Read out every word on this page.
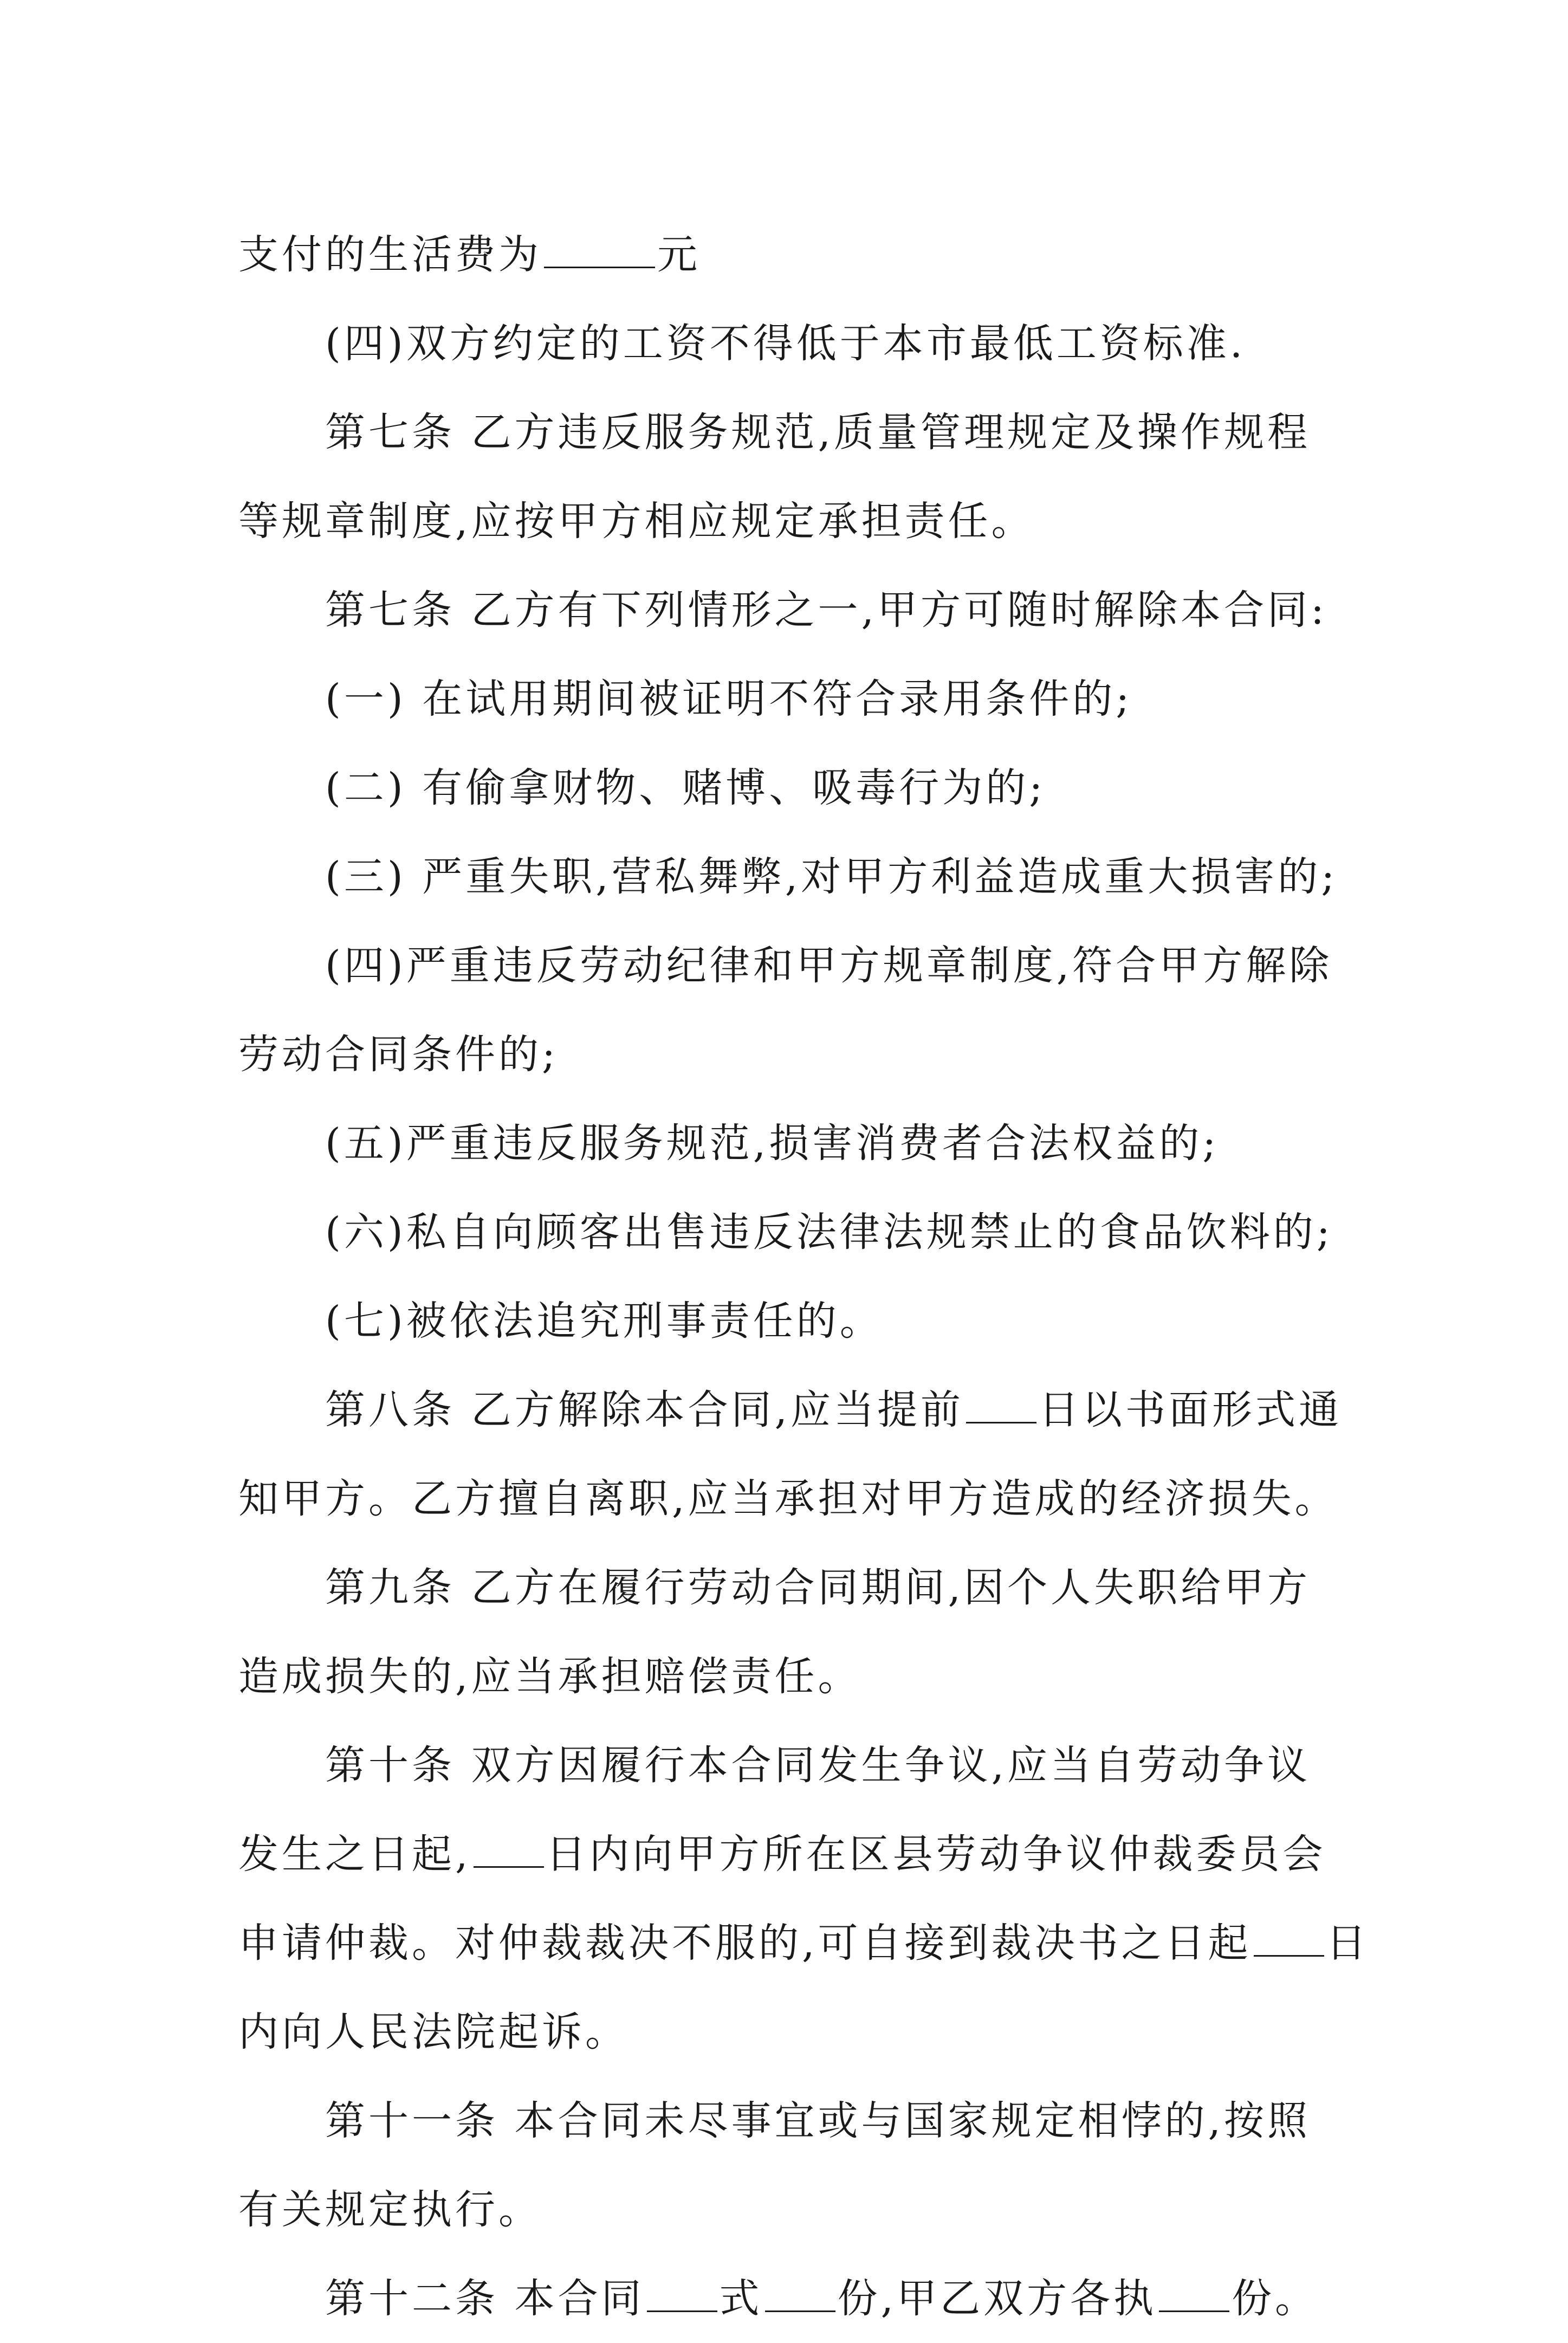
支付的生活费为	元

(四)双方约定的工资不得低于本市最低工资标准.

第七条 乙方违反服务规范,质量管理规定及操作规程

等规章制度,应按甲方相应规定承担责任。

第七条 乙方有下列情形之一,甲方可随时解除本合同:

(一) 在试用期间被证明不符合录用条件的;

(二) 有偷拿财物、赌博、吸毒行为的;

(三) 严重失职,营私舞弊,对甲方利益造成重大损害的;

(四)严重违反劳动纪律和甲方规章制度,符合甲方解除

劳动合同条件的;

(五)严重违反服务规范,损害消费者合法权益的;

(六)私自向顾客出售违反法律法规禁止的食品饮料的;

(七)被依法追究刑事责任的。

第八条 乙方解除本合同,应当提前 日以书面形式通

知甲方。乙方擅自离职,应当承担对甲方造成的经济损失。

第九条 乙方在履行劳动合同期间,因个人失职给甲方

造成损失的,应当承担赔偿责任。

第十条 双方因履行本合同发生争议,应当自劳动争议

发生之日起, 日内向甲方所在区县劳动争议仲裁委员会

申请仲裁。对仲裁裁决不服的,可自接到裁决书之日起 日

内向人民法院起诉。

第十一条 本合同未尽事宜或与国家规定相悖的,按照

有关规定执行。

第十二条 本合同 式 份,甲乙双方各执 份。
